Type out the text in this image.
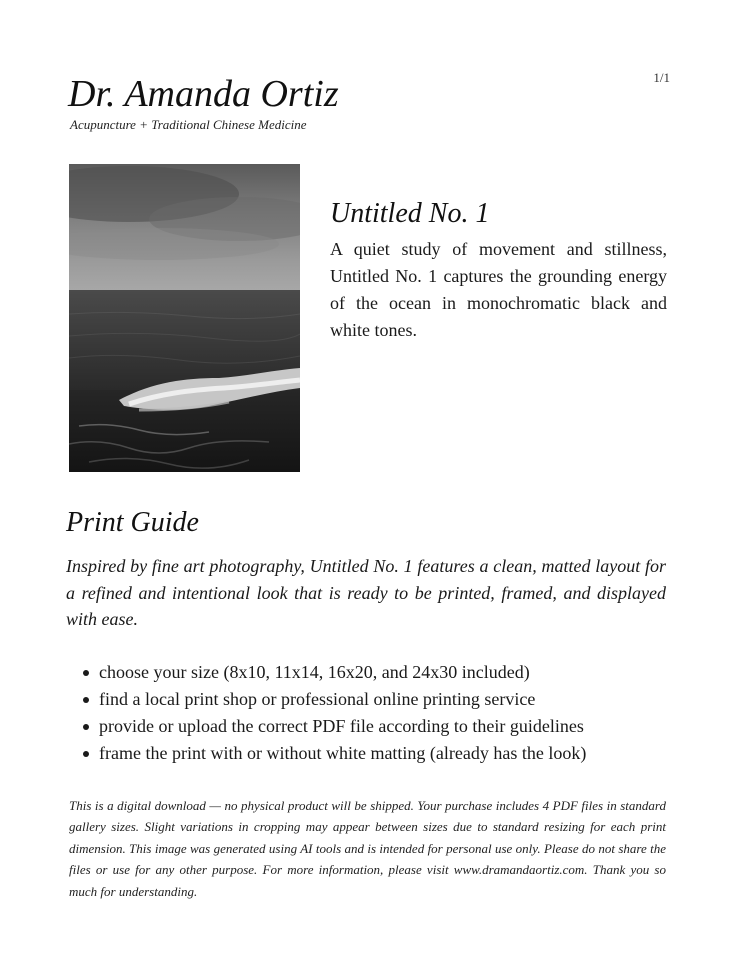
1/1
Dr. Amanda Ortiz
Acupuncture + Traditional Chinese Medicine
Untitled No. 1

A quiet study of movement and stillness, Untitled No. 1 captures the grounding energy of the ocean in monochromatic black and white tones.

Print Guide

Inspired by fine art photography, Untitled No. 1 features a clean, matted layout for a refined and intentional look that is ready to be printed, framed, and displayed with ease.

choose your size (8x10, 11x14, 16x20, and 24x30 included)
find a local print shop or professional online printing service
provide or upload the correct PDF file according to their guidelines
frame the print with or without white matting (already has the look)

This is a digital download — no physical product will be shipped. Your purchase includes 4 PDF files in standard gallery sizes. Slight variations in cropping may appear between sizes due to standard resizing for each print dimension. This image was generated using AI tools and is intended for personal use only. Please do not share the files or use for any other purpose. For more information, please visit www.dramandaortiz.com. Thank you so much for understanding.
